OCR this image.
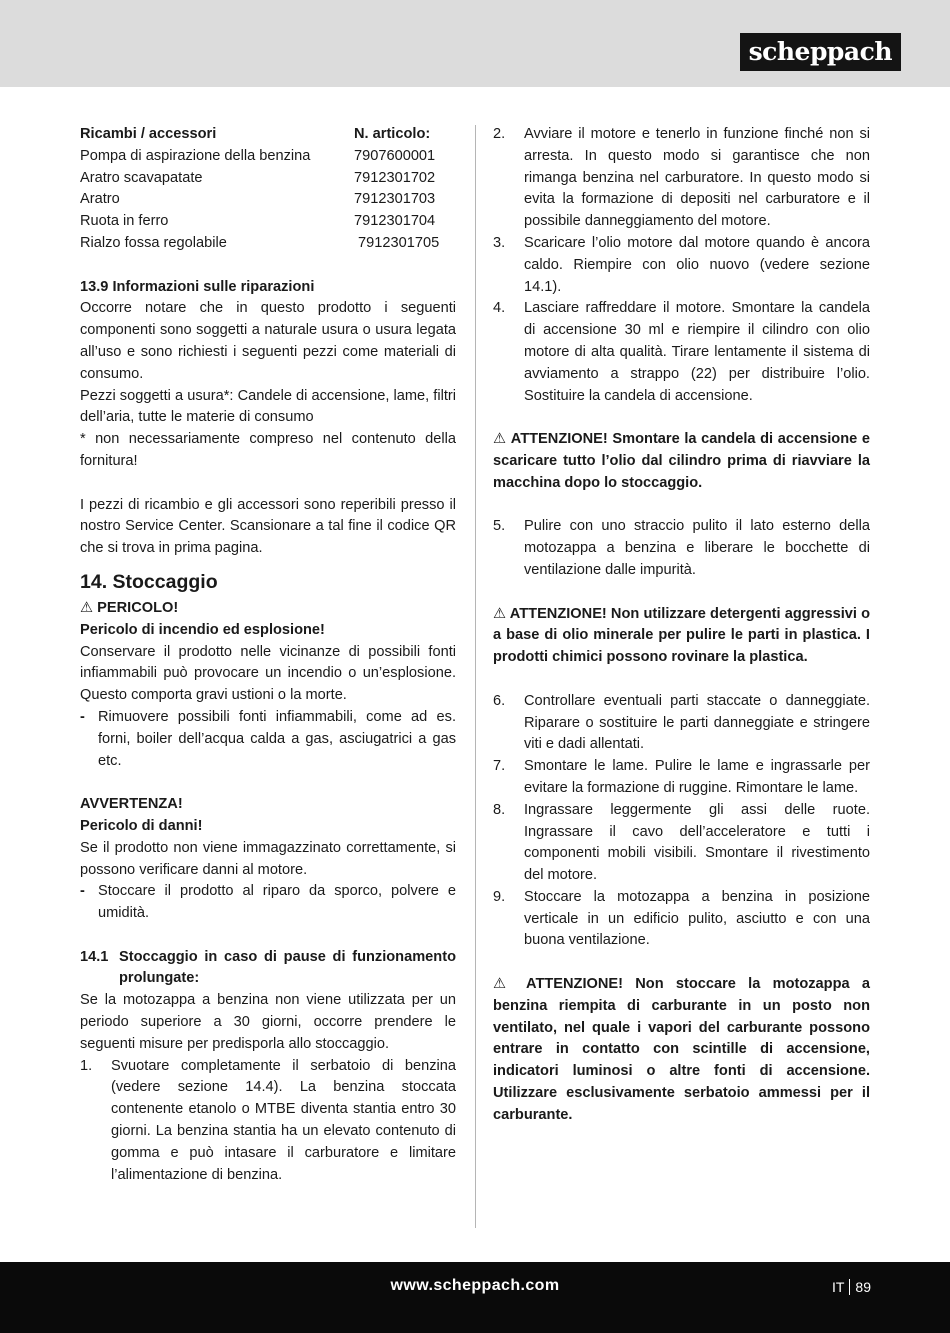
scheppach
Ricambi / accessori	N. articolo:
Pompa di aspirazione della benzina	7907600001
Aratro scavapatate	7912301702
Aratro	7912301703
Ruota in ferro	7912301704
Rialzo fossa regolabile	7912301705

13.9 Informazioni sulle riparazioni

Occorre notare che in questo prodotto i seguenti componenti sono soggetti a naturale usura o usura legata all’uso e sono richiesti i seguenti pezzi come materiali di consumo.

Pezzi soggetti a usura*: Candele di accensione, lame, filtri dell’aria, tutte le materie di consumo

* non necessariamente compreso nel contenuto della fornitura!

I pezzi di ricambio e gli accessori sono reperibili presso il nostro Service Center. Scansionare a tal fine il codice QR che si trova in prima pagina.

14. Stoccaggio

⚠ PERICOLO!

Pericolo di incendio ed esplosione!

Conservare il prodotto nelle vicinanze di possibili fonti infiammabili può provocare un incendio o un’esplosione. Questo comporta gravi ustioni o la morte.

- Rimuovere possibili fonti infiammabili, come ad es. forni, boiler dell’acqua calda a gas, asciugatrici a gas etc.

AVVERTENZA!

Pericolo di danni!

Se il prodotto non viene immagazzinato correttamente, si possono verificare danni al motore.

- Stoccare il prodotto al riparo da sporco, polvere e umidità.
14.1 Stoccaggio in caso di pause di funzionamento prolungate:

Se la motozappa a benzina non viene utilizzata per un periodo superiore a 30 giorni, occorre prendere le seguenti misure per predisporla allo stoccaggio.

1.	Svuotare completamente il serbatoio di benzina (vedere sezione 14.4). La benzina stoccata contenente etanolo o MTBE diventa stantia entro 30 giorni. La benzina stantia ha un elevato contenuto di gomma e può intasare il carburatore e limitare l’alimentazione di benzina.
2.	Avviare il motore e tenerlo in funzione finché non si arresta. In questo modo si garantisce che non rimanga benzina nel carburatore. In questo modo si evita la formazione di depositi nel carburatore e il possibile danneggiamento del motore.
3.	Scaricare l’olio motore dal motore quando è ancora caldo. Riempire con olio nuovo (vedere sezione 14.1).
4.	Lasciare raffreddare il motore. Smontare la candela di accensione 30 ml e riempire il cilindro con olio motore di alta qualità. Tirare lentamente il sistema di avviamento a strappo (22) per distribuire l’olio. Sostituire la candela di accensione.

⚠ ATTENZIONE! Smontare la candela di accensione e scaricare tutto l’olio dal cilindro prima di riavviare la macchina dopo lo stoccaggio.

5.	Pulire con uno straccio pulito il lato esterno della motozappa a benzina e liberare le bocchette di ventilazione dalle impurità.

⚠ ATTENZIONE! Non utilizzare detergenti aggressivi o a base di olio minerale per pulire le parti in plastica. I prodotti chimici possono rovinare la plastica.

6.	Controllare eventuali parti staccate o danneggiate. Riparare o sostituire le parti danneggiate e stringere viti e dadi allentati.
7.	Smontare le lame. Pulire le lame e ingrassarle per evitare la formazione di ruggine. Rimontare le lame.
8.	Ingrassare leggermente gli assi delle ruote. Ingrassare il cavo dell’acceleratore e tutti i componenti mobili visibili. Smontare il rivestimento del motore.
9.	Stoccare la motozappa a benzina in posizione verticale in un edificio pulito, asciutto e con una buona ventilazione.

⚠ ATTENZIONE! Non stoccare la motozappa a benzina riempita di carburante in un posto non ventilato, nel quale i vapori del carburante possono entrare in contatto con scintille di accensione, indicatori luminosi o altre fonti di accensione. Utilizzare esclusivamente serbatoio ammessi per il carburante.

www.scheppach.com	IT 89
